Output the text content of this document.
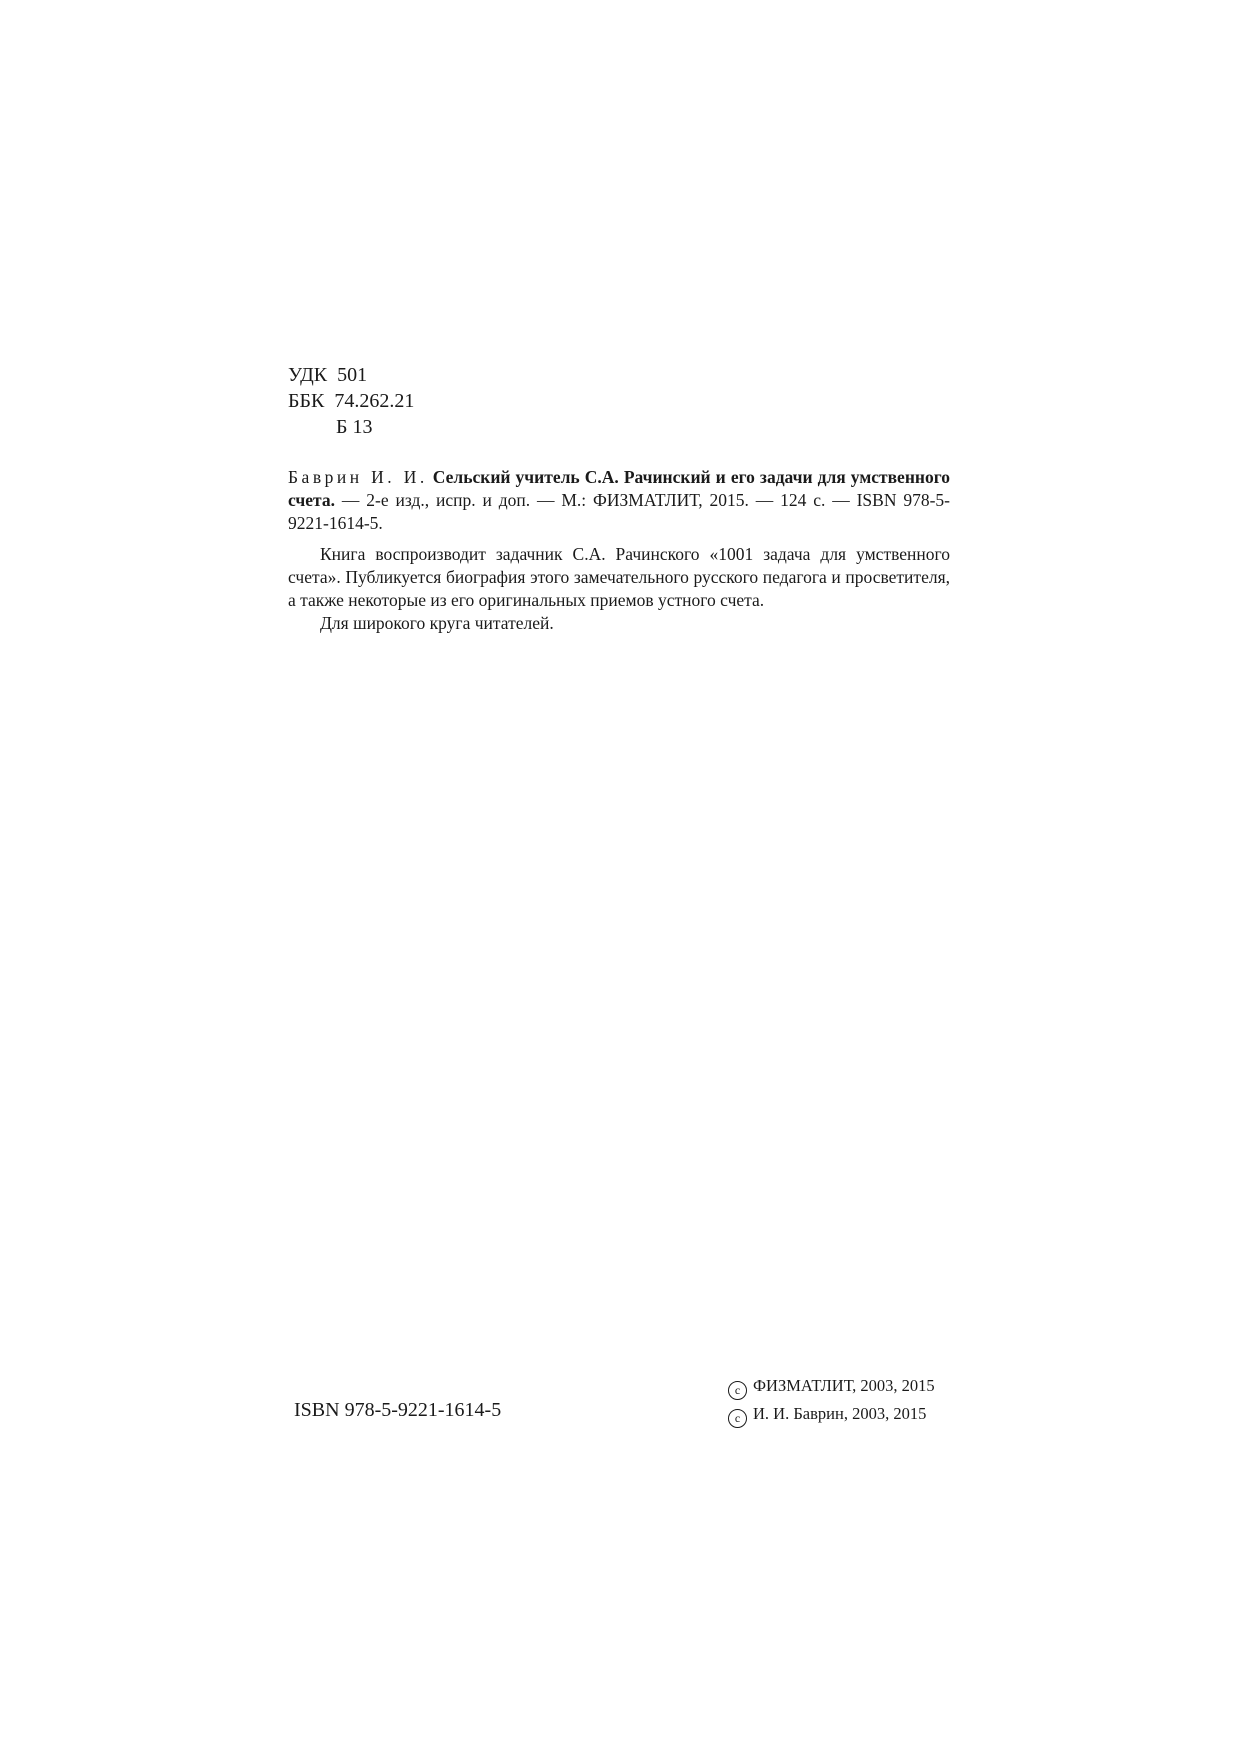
УДК 501
ББК 74.262.21
Б 13
Баврин И. И. Сельский учитель С.А. Рачинский и его задачи для умственного счета. — 2-е изд., испр. и доп. — М.: ФИЗМАТЛИТ, 2015. — 124 с. — ISBN 978-5-9221-1614-5.

Книга воспроизводит задачник С.А. Рачинского «1001 задача для умственного счета». Публикуется биография этого замечательного русского педагога и просветителя, а также некоторые из его оригинальных приемов устного счета.

Для широкого круга читателей.

ISBN 978-5-9221-1614-5
c ФИЗМАТЛИТ, 2003, 2015
c И. И. Баврин, 2003, 2015
